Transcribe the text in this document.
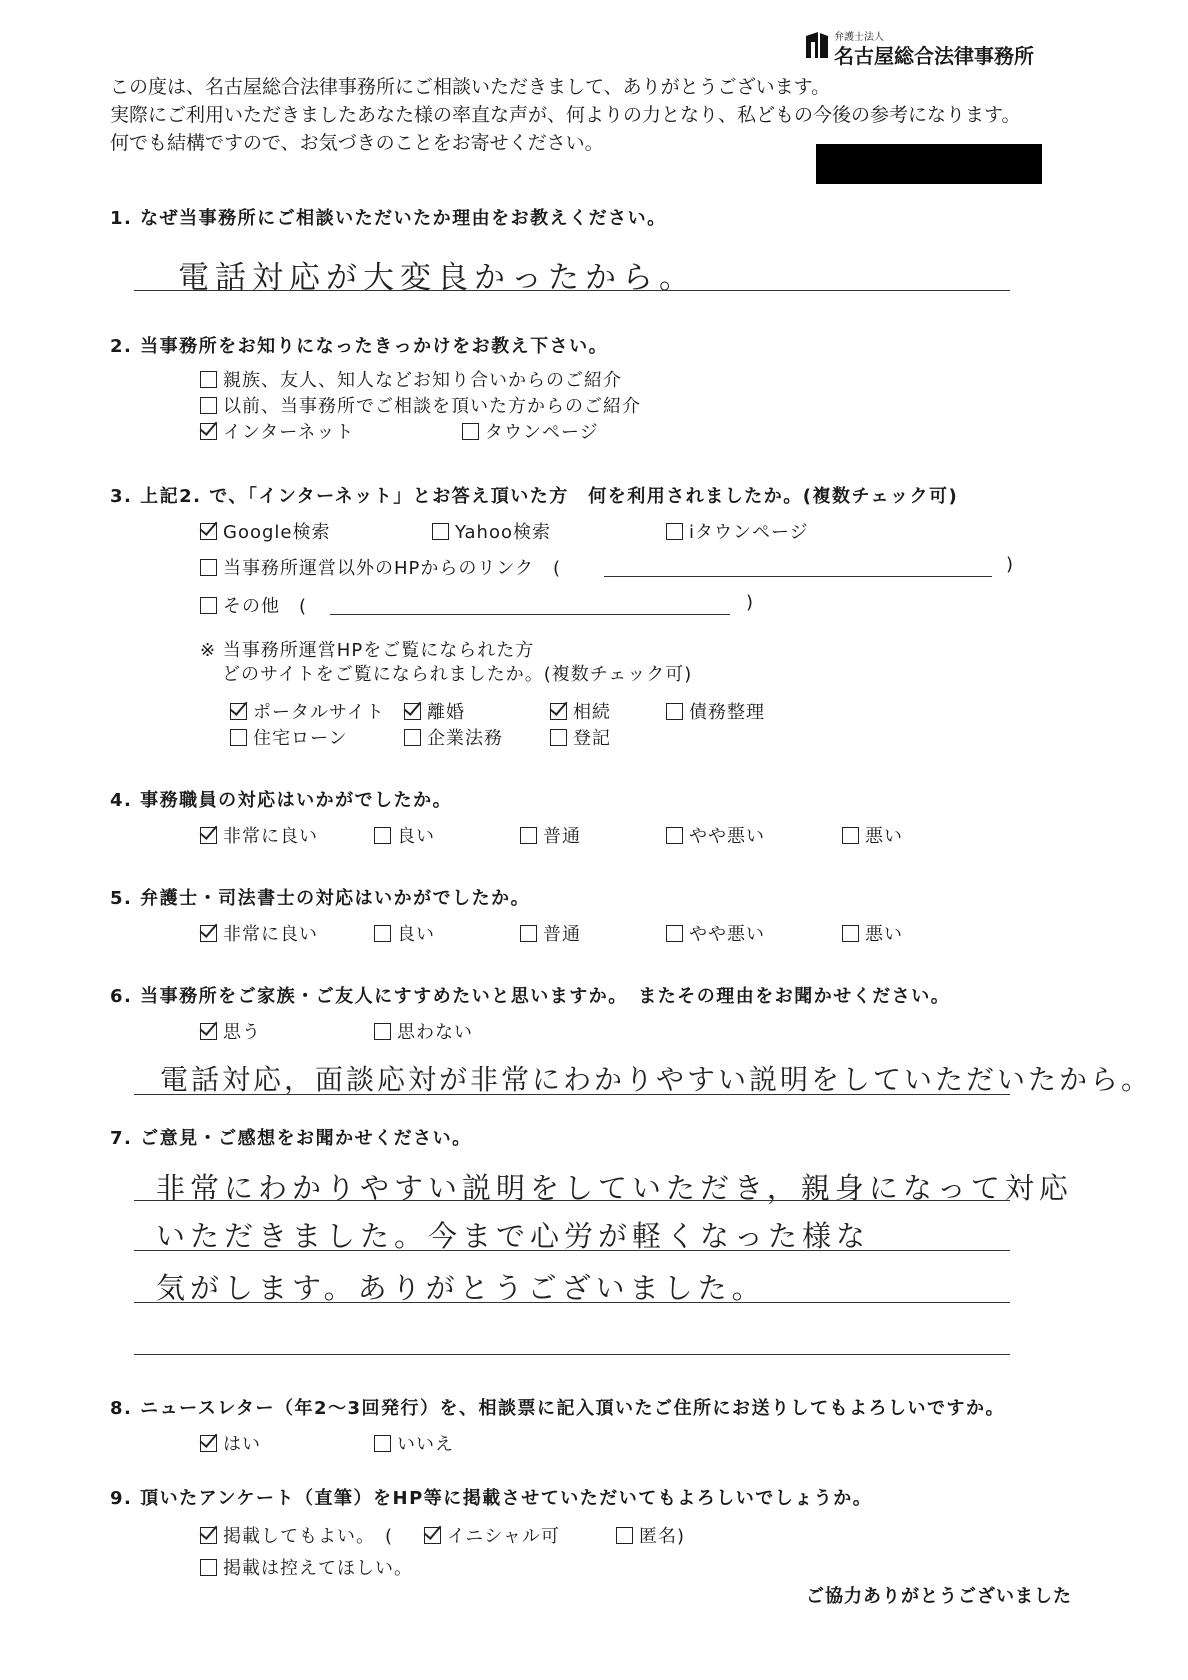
弁護士法人
名古屋総合法律事務所
この度は、名古屋総合法律事務所にご相談いただきまして、ありがとうございます。
実際にご利用いただきましたあなた様の率直な声が、何よりの力となり、私どもの今後の参考になります。
何でも結構ですので、お気づきのことをお寄せください。
1. なぜ当事務所にご相談いただいたか理由をお教えください。
電話対応が大変良かったから。
2. 当事務所をお知りになったきっかけをお教え下さい。
親族、友人、知人などお知り合いからのご紹介
以前、当事務所でご相談を頂いた方からのご紹介
インターネット	タウンページ
3. 上記2. で、「インターネット」とお答え頂いた方　何を利用されましたか。(複数チェック可)
Google検索	Yahoo検索	iタウンページ
当事務所運営以外のHPからのリンク　(	)
その他　(	)
※ 当事務所運営HPをご覧になられた方
どのサイトをご覧になられましたか。(複数チェック可)
ポータルサイト	離婚	相続	債務整理
住宅ローン	企業法務	登記
4. 事務職員の対応はいかがでしたか。
非常に良い	良い	普通	やや悪い	悪い
5. 弁護士・司法書士の対応はいかがでしたか。
非常に良い	良い	普通	やや悪い	悪い
6. 当事務所をご家族・ご友人にすすめたいと思いますか。　またその理由をお聞かせください。
思う	思わない
電話対応，面談応対が非常にわかりやすい説明をしていただいたから。
7. ご意見・ご感想をお聞かせください。
非常にわかりやすい説明をしていただき，親身になって対応
いただきました。今まで心労が軽くなった様な
気がします。ありがとうございました。
8. ニュースレター（年2～3回発行）を、相談票に記入頂いたご住所にお送りしてもよろしいですか。
はい	いいえ
9. 頂いたアンケート（直筆）をHP等に掲載させていただいてもよろしいでしょうか。
掲載してもよい。　(	イニシャル可	匿名)
掲載は控えてほしい。
ご協力ありがとうございました
